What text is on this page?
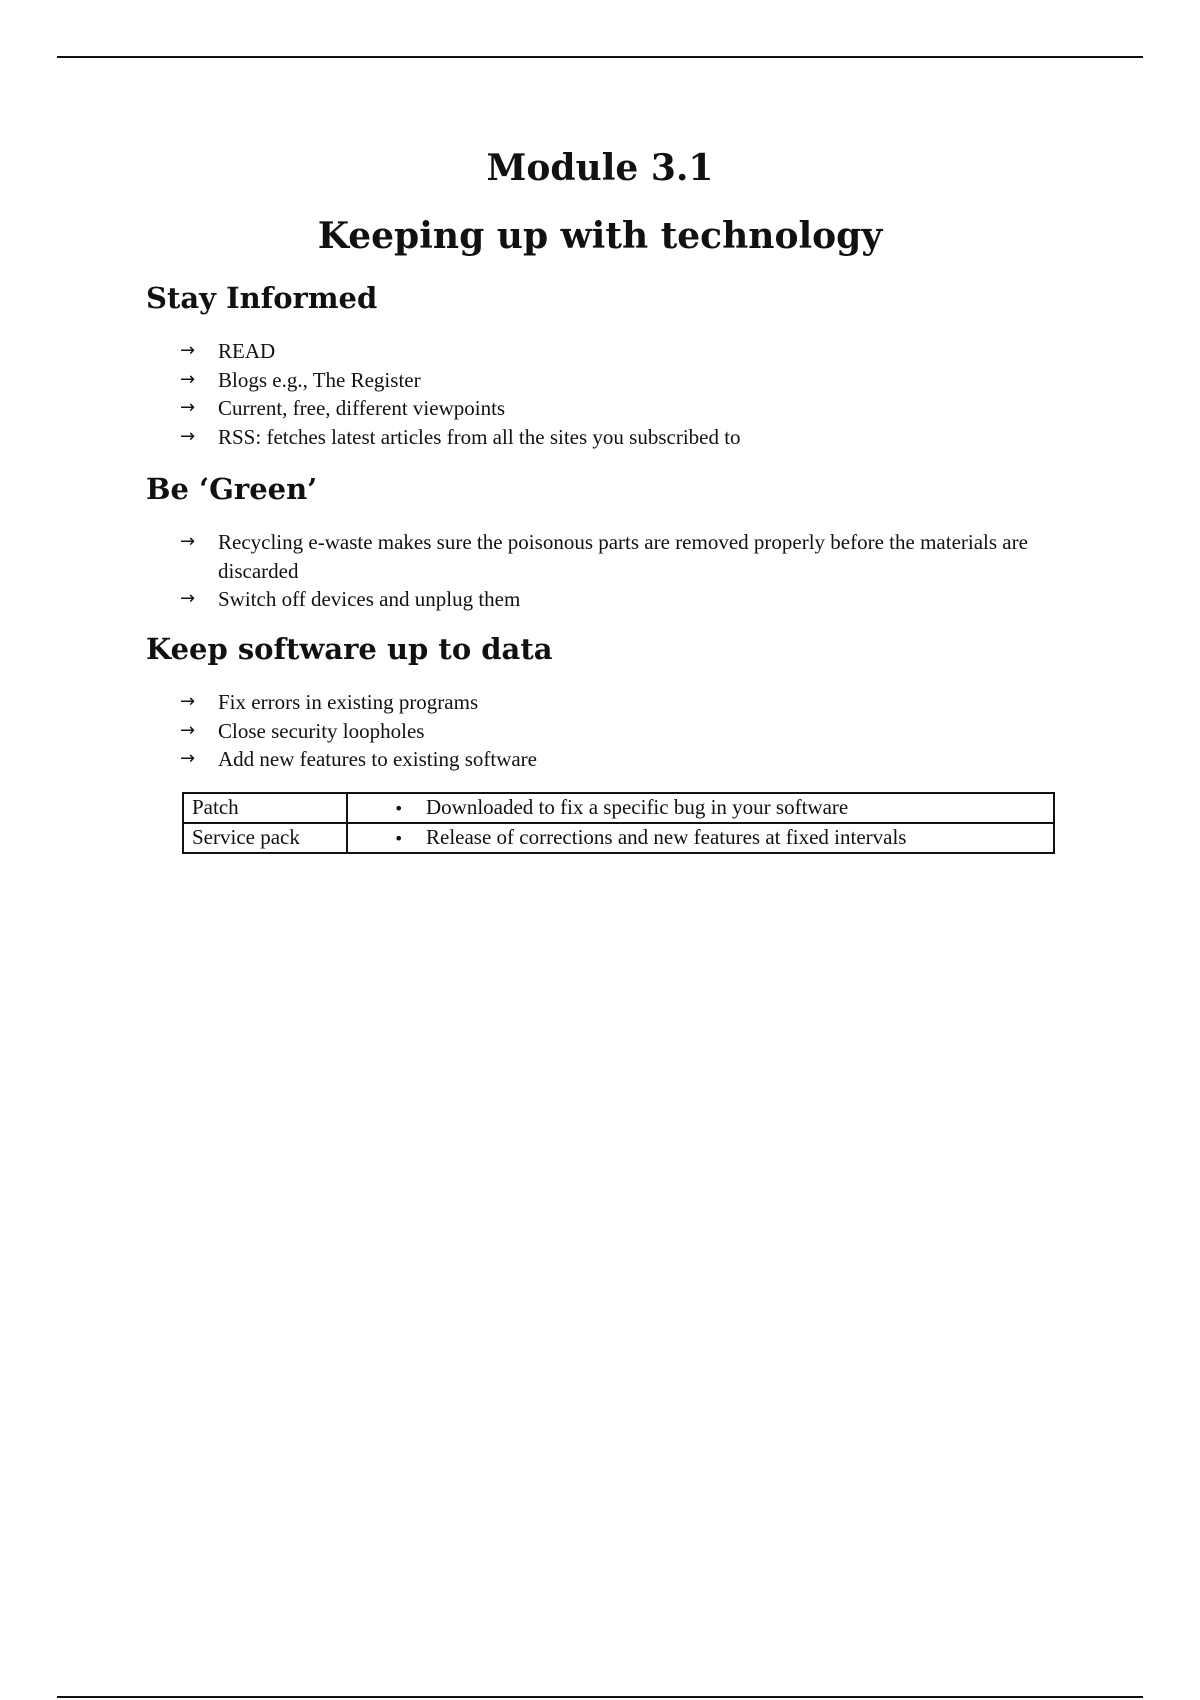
Module 3.1
Keeping up with technology
Stay Informed
→	READ
→	Blogs e.g., The Register
→	Current, free, different viewpoints
→	RSS: fetches latest articles from all the sites you subscribed to
Be ‘Green’
→	Recycling e-waste makes sure the poisonous parts are removed properly before the materials are discarded
→	Switch off devices and unplug them
Keep software up to data
→	Fix errors in existing programs
→	Close security loopholes
→	Add new features to existing software
Patch	• Downloaded to fix a specific bug in your software
Service pack	• Release of corrections and new features at fixed intervals
